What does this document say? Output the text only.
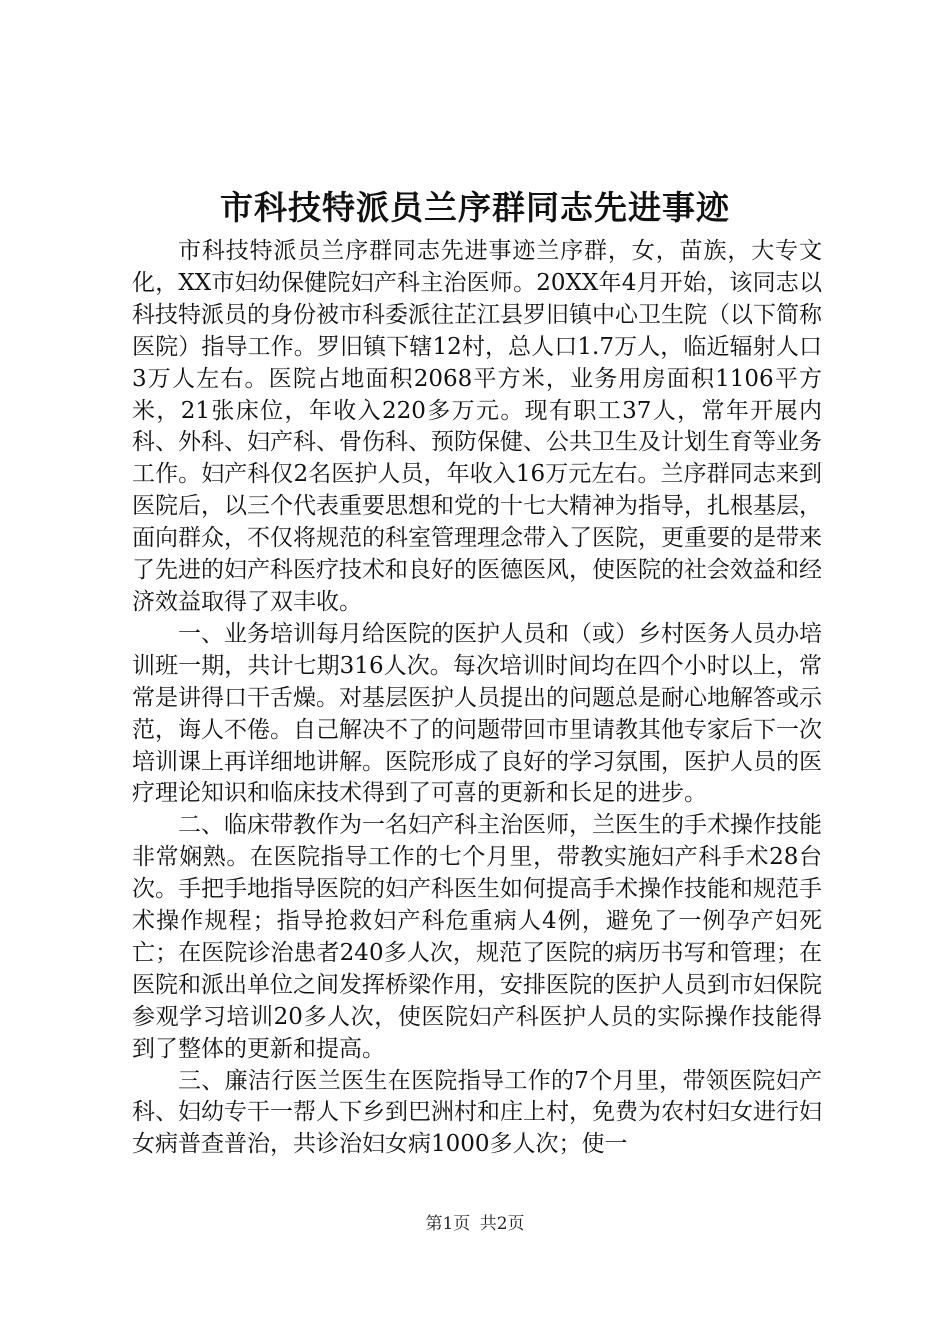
市科技特派员兰序群同志先进事迹

市科技特派员兰序群同志先进事迹兰序群，女，苗族，大专文化，XX市妇幼保健院妇产科主治医师。20XX年4月开始，该同志以科技特派员的身份被市科委派往芷江县罗旧镇中心卫生院（以下简称医院）指导工作。罗旧镇下辖12村，总人口1.7万人，临近辐射人口3万人左右。医院占地面积2068平方米，业务用房面积1106平方米，21张床位，年收入220多万元。现有职工37人，常年开展内科、外科、妇产科、骨伤科、预防保健、公共卫生及计划生育等业务工作。妇产科仅2名医护人员，年收入16万元左右。兰序群同志来到医院后，以三个代表重要思想和党的十七大精神为指导，扎根基层，面向群众，不仅将规范的科室管理理念带入了医院，更重要的是带来了先进的妇产科医疗技术和良好的医德医风，使医院的社会效益和经济效益取得了双丰收。

一、业务培训每月给医院的医护人员和（或）乡村医务人员办培训班一期，共计七期316人次。每次培训时间均在四个小时以上，常常是讲得口干舌燥。对基层医护人员提出的问题总是耐心地解答或示范，诲人不倦。自己解决不了的问题带回市里请教其他专家后下一次培训课上再详细地讲解。医院形成了良好的学习氛围，医护人员的医疗理论知识和临床技术得到了可喜的更新和长足的进步。

二、临床带教作为一名妇产科主治医师，兰医生的手术操作技能非常娴熟。在医院指导工作的七个月里，带教实施妇产科手术28台次。手把手地指导医院的妇产科医生如何提高手术操作技能和规范手术操作规程；指导抢救妇产科危重病人4例，避免了一例孕产妇死亡；在医院诊治患者240多人次，规范了医院的病历书写和管理；在医院和派出单位之间发挥桥梁作用，安排医院的医护人员到市妇保院参观学习培训20多人次，使医院妇产科医护人员的实际操作技能得到了整体的更新和提高。

三、廉洁行医兰医生在医院指导工作的7个月里，带领医院妇产科、妇幼专干一帮人下乡到巴洲村和庄上村，免费为农村妇女进行妇女病普查普治，共诊治妇女病1000多人次；使一

第1页 共2页
